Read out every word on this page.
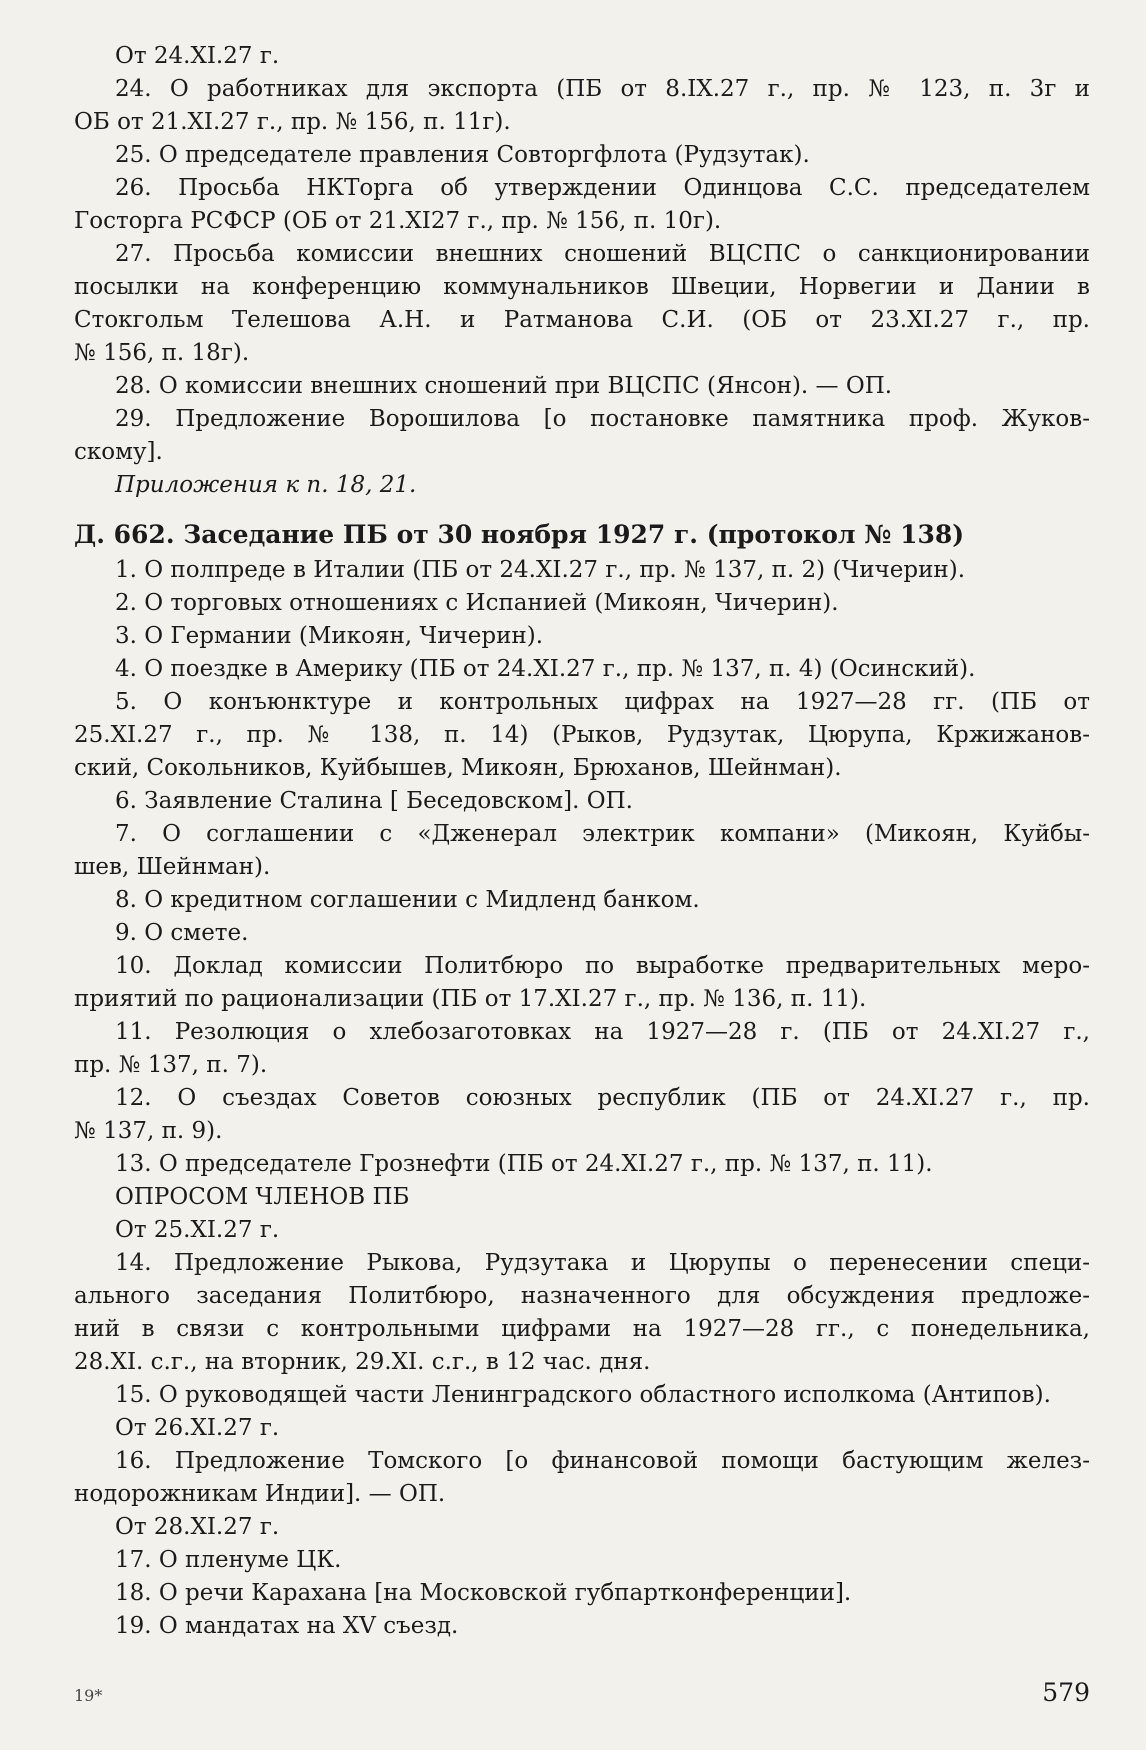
От 24.XI.27 г.
24. О работниках для экспорта (ПБ от 8.IX.27 г., пр. № 123, п. 3г и
ОБ от 21.XI.27 г., пр. № 156, п. 11г).
25. О председателе правления Совторгфлота (Рудзутак).
26. Просьба НКТорга об утверждении Одинцова С.С. председателем
Госторга РСФСР (ОБ от 21.XI27 г., пр. № 156, п. 10г).
27. Просьба комиссии внешних сношений ВЦСПС о санкционировании
посылки на конференцию коммунальников Швеции, Норвегии и Дании в
Стокгольм Телешова А.Н. и Ратманова С.И. (ОБ от 23.XI.27 г., пр.
№ 156, п. 18г).
28. О комиссии внешних сношений при ВЦСПС (Янсон). — ОП.
29. Предложение Ворошилова [о постановке памятника проф. Жуков-
скому].
Приложения к п. 18, 21.
Д. 662. Заседание ПБ от 30 ноября 1927 г. (протокол № 138)
1. О полпреде в Италии (ПБ от 24.XI.27 г., пр. № 137, п. 2) (Чичерин).
2. О торговых отношениях с Испанией (Микоян, Чичерин).
3. О Германии (Микоян, Чичерин).
4. О поездке в Америку (ПБ от 24.XI.27 г., пр. № 137, п. 4) (Осинский).
5. О конъюнктуре и контрольных цифрах на 1927—28 гг. (ПБ от
25.XI.27 г., пр. № 138, п. 14) (Рыков, Рудзутак, Цюрупа, Кржижанов-
ский, Сокольников, Куйбышев, Микоян, Брюханов, Шейнман).
6. Заявление Сталина [ Беседовском]. ОП.
7. О соглашении с «Дженерал электрик компани» (Микоян, Куйбы-
шев, Шейнман).
8. О кредитном соглашении с Мидленд банком.
9. О смете.
10. Доклад комиссии Политбюро по выработке предварительных меро-
приятий по рационализации (ПБ от 17.XI.27 г., пр. № 136, п. 11).
11. Резолюция о хлебозаготовках на 1927—28 г. (ПБ от 24.XI.27 г.,
пр. № 137, п. 7).
12. О съездах Советов союзных республик (ПБ от 24.XI.27 г., пр.
№ 137, п. 9).
13. О председателе Грознефти (ПБ от 24.XI.27 г., пр. № 137, п. 11).
ОПРОСОМ ЧЛЕНОВ ПБ
От 25.XI.27 г.
14. Предложение Рыкова, Рудзутака и Цюрупы о перенесении специ-
ального заседания Политбюро, назначенного для обсуждения предложе-
ний в связи с контрольными цифрами на 1927—28 гг., с понедельника,
28.XI. с.г., на вторник, 29.XI. с.г., в 12 час. дня.
15. О руководящей части Ленинградского областного исполкома (Антипов).
От 26.XI.27 г.
16. Предложение Томского [о финансовой помощи бастующим желез-
нодорожникам Индии]. — ОП.
От 28.XI.27 г.
17. О пленуме ЦК.
18. О речи Караханa [на Московской губпартконференции].
19. О мандатах на XV съезд.
19*	579
